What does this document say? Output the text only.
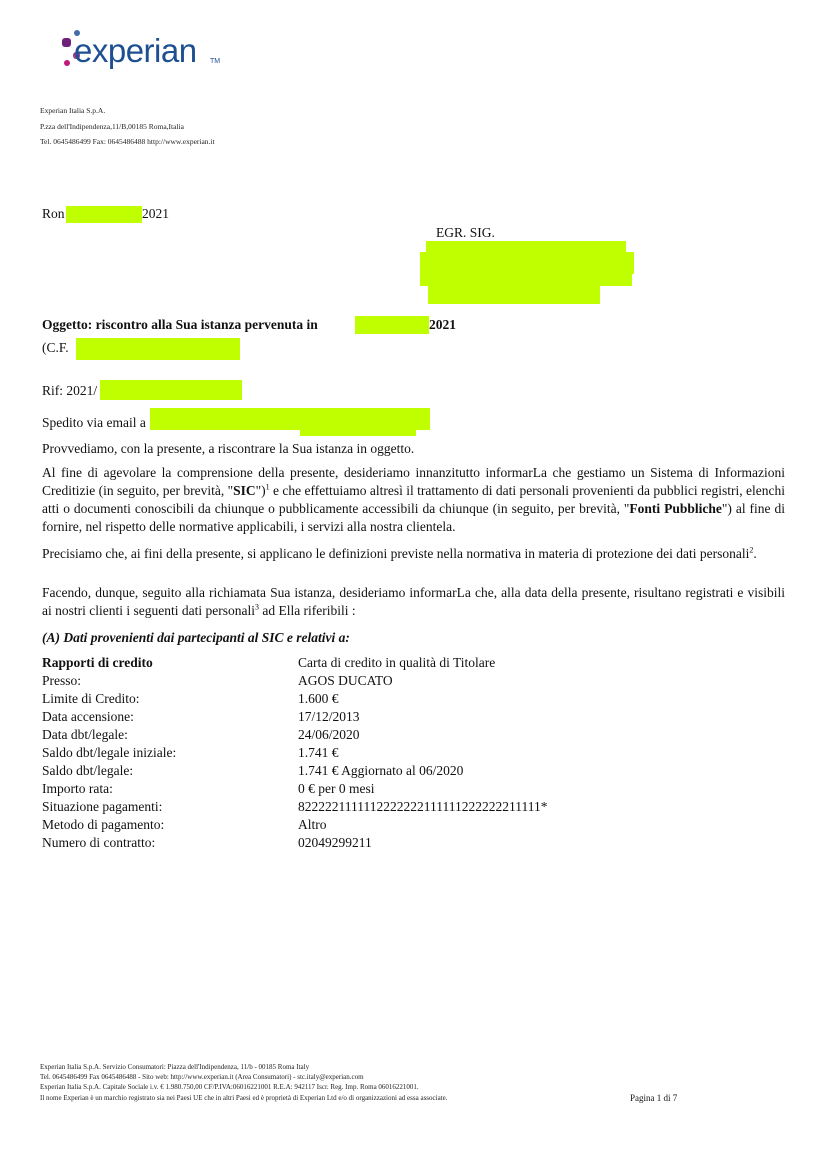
experian TM
Experian Italia S.p.A.
P.zza dell'Indipendenza,11/B,00185 Roma,Italia
Tel. 0645486499 Fax: 0645486488 http://www.experian.it
Ron	2021
EGR. SIG.
Oggetto: riscontro alla Sua istanza pervenuta in	2021
(C.F.
Rif: 2021/
Spedito via email a
Provvediamo, con la presente, a riscontrare la Sua istanza in oggetto.
Al fine di agevolare la comprensione della presente, desideriamo innanzitutto informarLa che gestiamo un Sistema di Informazioni Creditizie (in seguito, per brevità, "SIC")$^1$ e che effettuiamo altresì il trattamento di dati personali provenienti da pubblici registri, elenchi atti o documenti conoscibili da chiunque o pubblicamente accessibili da chiunque (in seguito, per brevità, "Fonti Pubbliche") al fine di fornire, nel rispetto delle normative applicabili, i servizi alla nostra clientela.
Precisiamo che, ai fini della presente, si applicano le definizioni previste nella normativa in materia di protezione dei dati personali$^2$.
Facendo, dunque, seguito alla richiamata Sua istanza, desideriamo informarLa che, alla data della presente, risultano registrati e visibili ai nostri clienti i seguenti dati personali$^3$ ad Ella riferibili :
(A) Dati provenienti dai partecipanti al SIC e relativi a:
Rapporti di credito	Carta di credito in qualità di Titolare
Presso:	AGOS DUCATO
Limite di Credito:	1.600 €
Data accensione:	17/12/2013
Data dbt/legale:	24/06/2020
Saldo dbt/legale iniziale:	1.741 €
Saldo dbt/legale:	1.741 € Aggiornato al 06/2020
Importo rata:	0 € per 0 mesi
Situazione pagamenti:	8222221111112222222111111222222211111*
Metodo di pagamento:	Altro
Numero di contratto:	02049299211
Experian Italia S.p.A. Servizio Consumatori: Piazza dell'Indipendenza, 11/b - 00185 Roma Italy
Tel. 0645486499 Fax 0645486488 - Sito web: http://www.experian.it (Area Consumatori) - stc.italy@experian.com
Experian Italia S.p.A. Capitale Sociale i.v. € 1.980.750,00 CF/P.IVA:06016221001 R.E.A: 942117 Iscr. Reg. Imp. Roma 06016221001.
Il nome Experian è un marchio registrato sia nei Paesi UE che in altri Paesi ed è proprietà di Experian Ltd e/o di organizzazioni ad essa associate.	Pagina 1 di 7
